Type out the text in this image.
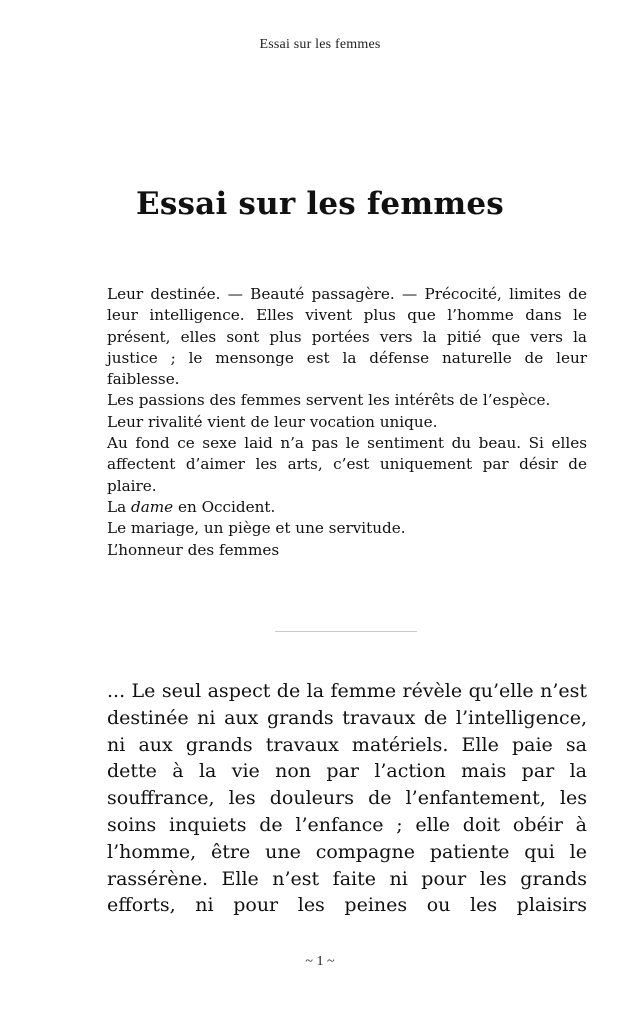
Essai sur les femmes
Essai sur les femmes

Leur destinée. — Beauté passagère. — Précocité, limites de leur intelligence. Elles vivent plus que l’homme dans le présent, elles sont plus portées vers la pitié que vers la justice ; le mensonge est la défense naturelle de leur faiblesse.

Les passions des femmes servent les intérêts de l’espèce.

Leur rivalité vient de leur vocation unique.

Au fond ce sexe laid n’a pas le sentiment du beau. Si elles affectent d’aimer les arts, c’est uniquement par désir de plaire.

La dame en Occident.

Le mariage, un piège et une servitude.

L’honneur des femmes

... Le seul aspect de la femme révèle qu’elle n’est destinée ni aux grands travaux de l’intelligence, ni aux grands travaux matériels. Elle paie sa dette à la vie non par l’action mais par la souffrance, les douleurs de l’enfantement, les soins inquiets de l’enfance ; elle doit obéir à l’homme, être une compagne patiente qui le rassérène. Elle n’est faite ni pour les grands efforts, ni pour les peines ou les plaisirs

~ 1 ~
